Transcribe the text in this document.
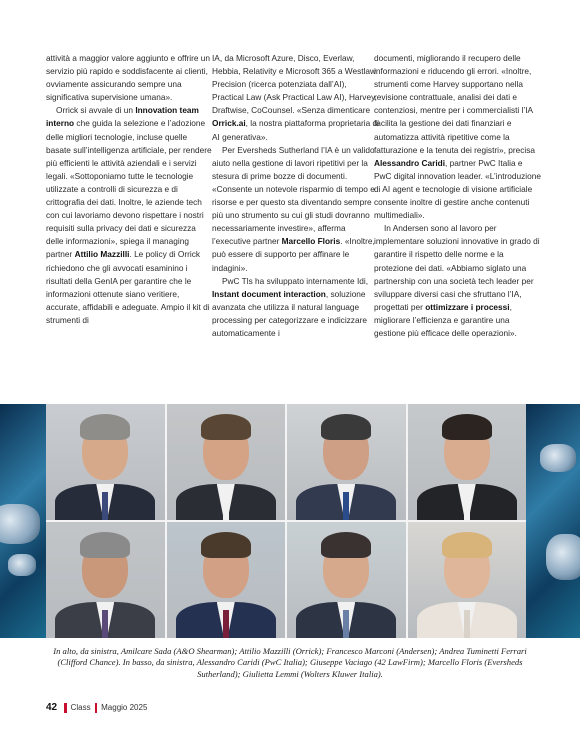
attività a maggior valore aggiunto e offrire un servizio più rapido e soddisfacente ai clienti, ovviamente assicurando sempre una significativa supervisione umana».

Orrick si avvale di un Innovation team interno che guida la selezione e l’adozione delle migliori tecnologie, incluse quelle basate sull’intelligenza artificiale, per rendere più efficienti le attività aziendali e i servizi legali. «Sottoponiamo tutte le tecnologie utilizzate a controlli di sicurezza e di crittografia dei dati. Inoltre, le aziende tech con cui lavoriamo devono rispettare i nostri requisiti sulla privacy dei dati e sicurezza delle informazioni», spiega il managing partner Attilio Mazzilli. Le policy di Orrick richiedono che gli avvocati esaminino i risultati della GenIA per garantire che le informazioni ottenute siano veritiere, accurate, affidabili e adeguate. Ampio il kit di strumenti di

IA, da Microsoft Azure, Disco, Everlaw, Hebbia, Relativity e Microsoft 365 a Westlaw Precision (ricerca potenziata dall’AI), Practical Law (Ask Practical Law AI), Harvey, Draftwise, CoCounsel. «Senza dimenticare Orrick.ai, la nostra piattaforma proprietaria di AI generativa».

Per Eversheds Sutherland l’IA è un valido aiuto nella gestione di lavori ripetitivi per la stesura di prime bozze di documenti. «Consente un notevole risparmio di tempo e risorse e per questo sta diventando sempre più uno strumento su cui gli studi dovranno necessariamente investire», afferma l’executive partner Marcello Floris. «Inoltre, può essere di supporto per affinare le indagini».

PwC Tls ha sviluppato internamente Idi, Instant document interaction, soluzione avanzata che utilizza il natural language processing per categorizzare e indicizzare automaticamente i

documenti, migliorando il recupero delle informazioni e riducendo gli errori. «Inoltre, strumenti come Harvey supportano nella revisione contrattuale, analisi dei dati e contenziosi, mentre per i commercialisti l’IA facilita la gestione dei dati finanziari e automatizza attività ripetitive come la fatturazione e la tenuta dei registri», precisa Alessandro Caridi, partner PwC Italia e PwC digital innovation leader. «L’introduzione di AI agent e tecnologie di visione artificiale consente inoltre di gestire anche contenuti multimediali».

In Andersen sono al lavoro per implementare soluzioni innovative in grado di garantire il rispetto delle norme e la protezione dei dati. «Abbiamo siglato una partnership con una società tech leader per sviluppare diversi casi che sfruttano l’IA, progettati per ottimizzare i processi, migliorare l’efficienza e garantire una gestione più efficace delle operazioni».

In alto, da sinistra, Amilcare Sada (A&O Shearman); Attilio Mazzilli (Orrick); Francesco Marconi (Andersen); Andrea Tuminetti Ferrari (Clifford Chance). In basso, da sinistra, Alessandro Caridi (PwC Italia); Giuseppe Vaciago (42 LawFirm); Marcello Floris (Eversheds Sutherland); Giulietta Lemmi (Wolters Kluwer Italia).
42 Class Maggio 2025
